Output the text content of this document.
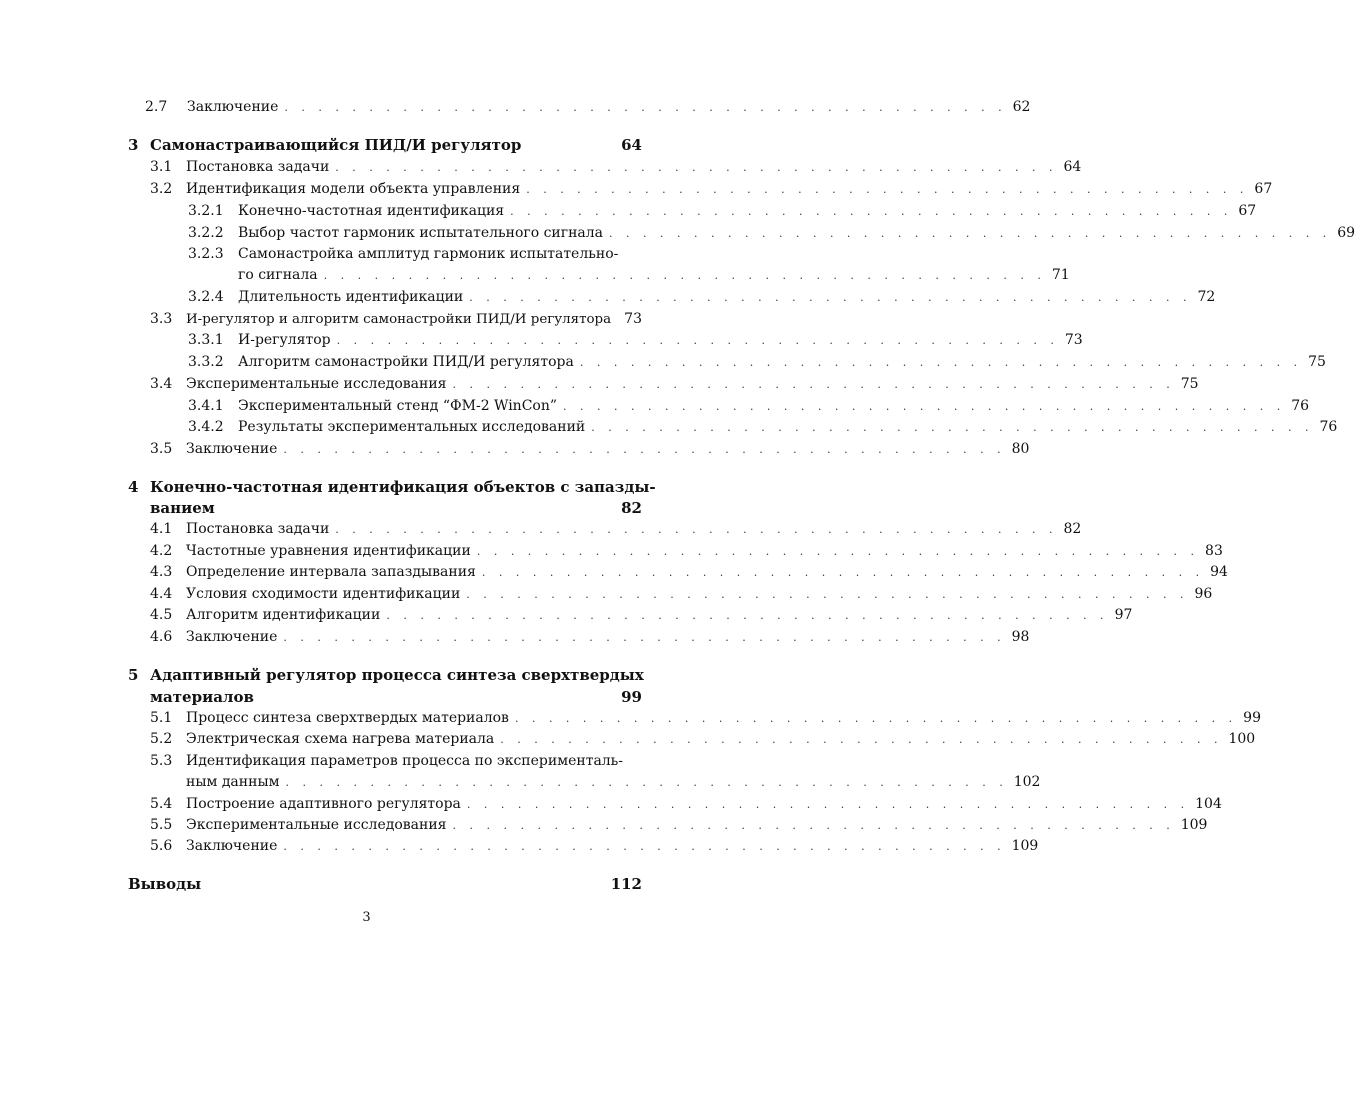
2.7	Заключение . . . . . . . . . . . . . . . . . . . . . . . . . . . . . . . . . . . . . . . . . . . 62
3 Самонастраивающийся ПИД/И регулятор	64
3.1 Постановка задачи . . . . . . . . . . . . . . . . . . . . . . . . . . . . . . . . . . . . . . . . . . . 64
3.2 Идентификация модели объекта управления . . . . . . . . . . . . . . . . . . . . . . . . . . . . . . . . . . . . . . . . . . . 67
3.2.1	Конечно-частотная идентификация . . . . . . . . . . . . . . . . . . . . . . . . . . . . . . . . . . . . . . . . . . . 67
3.2.2	Выбор частот гармоник испытательного сигнала . . . . . . . . . . . . . . . . . . . . . . . . . . . . . . . . . . . . . . . . . . . 69
3.2.3	Самонастройка амплитуд гармоник испытательно-
го сигнала . . . . . . . . . . . . . . . . . . . . . . . . . . . . . . . . . . . . . . . . . . . 71
3.2.4	Длительность идентификации . . . . . . . . . . . . . . . . . . . . . . . . . . . . . . . . . . . . . . . . . . . 72
3.3	И-регулятор и алгоритм самонастройки ПИД/И регулятора 73
3.3.1	И-регулятор . . . . . . . . . . . . . . . . . . . . . . . . . . . . . . . . . . . . . . . . . . . 73
3.3.2	Алгоритм самонастройки ПИД/И регулятора . . . . . . . . . . . . . . . . . . . . . . . . . . . . . . . . . . . . . . . . . . . 75
3.4 Экспериментальные исследования . . . . . . . . . . . . . . . . . . . . . . . . . . . . . . . . . . . . . . . . . . . 75
3.4.1	Экспериментальный стенд “ФМ-2 WinCon” . . . . . . . . . . . . . . . . . . . . . . . . . . . . . . . . . . . . . . . . . . . 76
3.4.2	Результаты экспериментальных исследований . . . . . . . . . . . . . . . . . . . . . . . . . . . . . . . . . . . . . . . . . . . 76
3.5 Заключение . . . . . . . . . . . . . . . . . . . . . . . . . . . . . . . . . . . . . . . . . . . 80
4 Конечно-частотная идентификация объектов с запазды-
ванием	82
4.1 Постановка задачи . . . . . . . . . . . . . . . . . . . . . . . . . . . . . . . . . . . . . . . . . . . 82
4.2 Частотные уравнения идентификации . . . . . . . . . . . . . . . . . . . . . . . . . . . . . . . . . . . . . . . . . . . 83
4.3 Определение интервала запаздывания . . . . . . . . . . . . . . . . . . . . . . . . . . . . . . . . . . . . . . . . . . . 94
4.4 Условия сходимости идентификации . . . . . . . . . . . . . . . . . . . . . . . . . . . . . . . . . . . . . . . . . . . 96
4.5 Алгоритм идентификации . . . . . . . . . . . . . . . . . . . . . . . . . . . . . . . . . . . . . . . . . . . 97
4.6 Заключение . . . . . . . . . . . . . . . . . . . . . . . . . . . . . . . . . . . . . . . . . . . 98
5 Адаптивный регулятор процесса синтеза сверхтвердых
материалов	99
5.1 Процесс синтеза сверхтвердых материалов . . . . . . . . . . . . . . . . . . . . . . . . . . . . . . . . . . . . . . . . . . . 99
5.2 Электрическая схема нагрева материала . . . . . . . . . . . . . . . . . . . . . . . . . . . . . . . . . . . . . . . . . . . 100
5.3 Идентификация параметров процесса по эксперименталь-
ным данным . . . . . . . . . . . . . . . . . . . . . . . . . . . . . . . . . . . . . . . . . . . 102
5.4 Построение адаптивного регулятора . . . . . . . . . . . . . . . . . . . . . . . . . . . . . . . . . . . . . . . . . . . 104
5.5 Экспериментальные исследования . . . . . . . . . . . . . . . . . . . . . . . . . . . . . . . . . . . . . . . . . . . 109
5.6 Заключение . . . . . . . . . . . . . . . . . . . . . . . . . . . . . . . . . . . . . . . . . . . 109
Выводы	112
3
